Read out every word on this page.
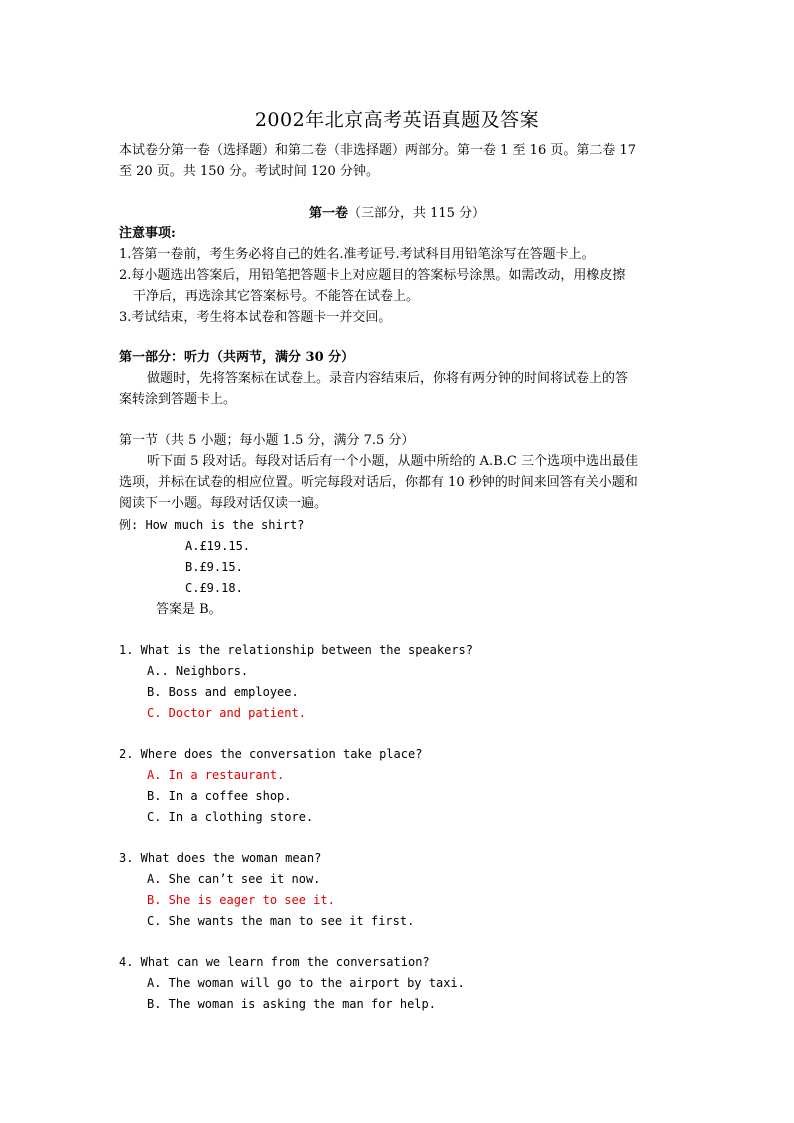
2002年北京高考英语真题及答案
本试卷分第一卷（选择题）和第二卷（非选择题）两部分。第一卷 1 至 16 页。第二卷 17
至 20 页。共 150 分。考试时间 120 分钟。
第一卷（三部分，共 115 分）
注意事项:
1.答第一卷前，考生务必将自己的姓名.准考证号.考试科目用铅笔涂写在答题卡上。
2.每小题选出答案后，用铅笔把答题卡上对应题目的答案标号涂黑。如需改动，用橡皮擦
干净后，再选涂其它答案标号。不能答在试卷上。
3.考试结束，考生将本试卷和答题卡一并交回。
第一部分：听力（共两节，满分 30 分）
做题时，先将答案标在试卷上。录音内容结束后，你将有两分钟的时间将试卷上的答
案转涂到答题卡上。
第一节（共 5 小题；每小题 1.5 分，满分 7.5 分）
听下面 5 段对话。每段对话后有一个小题，从题中所给的 A.B.C 三个选项中选出最佳
选项，并标在试卷的相应位置。听完每段对话后，你都有 10 秒钟的时间来回答有关小题和
阅读下一小题。每段对话仅读一遍。
例: How much is the shirt?
A.£19.15.
B.£9.15.
C.£9.18.
答案是 B。
1. What is the relationship between the speakers?
A.. Neighbors.
B. Boss and employee.
C. Doctor and patient.
2. Where does the conversation take place?
A. In a restaurant.
B. In a coffee shop.
C. In a clothing store.
3. What does the woman mean?
A. She can’t see it now.
B. She is eager to see it.
C. She wants the man to see it first.
4. What can we learn from the conversation?
A. The woman will go to the airport by taxi.
B. The woman is asking the man for help.
